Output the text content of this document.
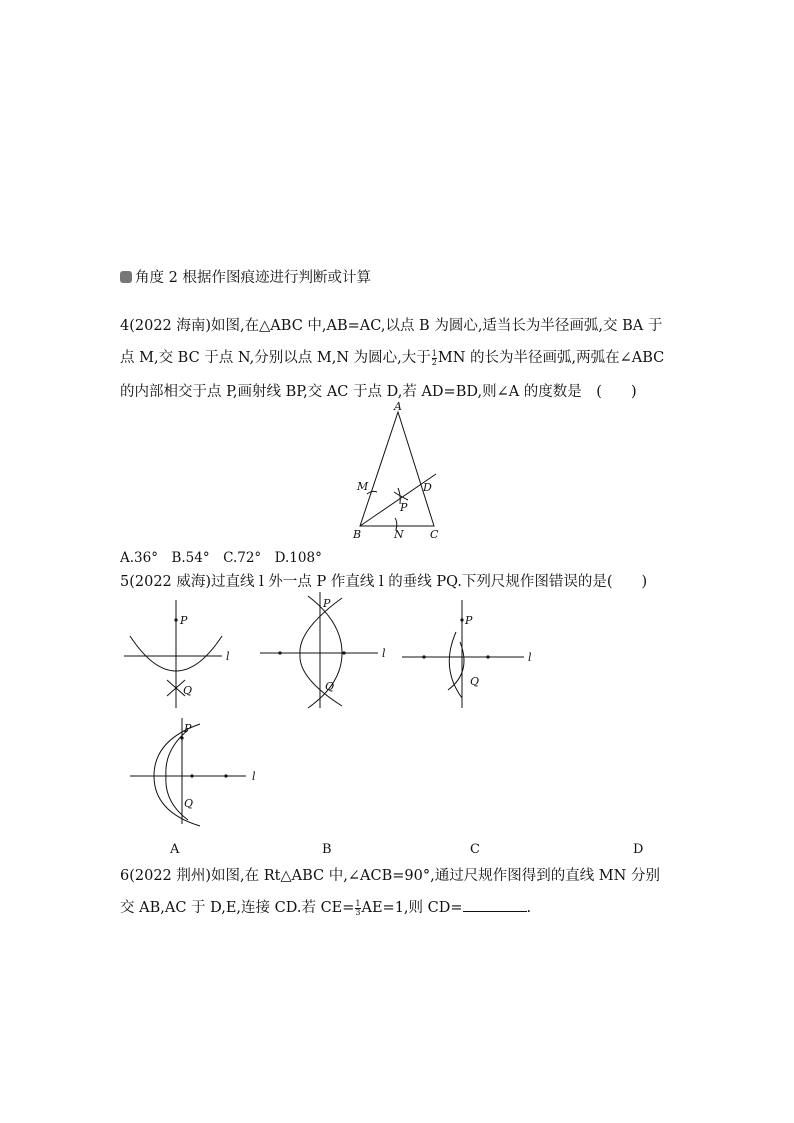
角度 2 根据作图痕迹进行判断或计算
4(2022 海南)如图,在△ABC 中,AB=AC,以点 B 为圆心,适当长为半径画弧,交 BA 于
点 M,交 BC 于点 N,分别以点 M,N 为圆心,大于 $\frac{1}{2}$ MN 的长为半径画弧,两弧在∠ABC
的内部相交于点 P,画射线 BP,交 AC 于点 D,若 AD=BD,则∠A 的度数是　(　　)
A
M	D
P
B	N C
A.36°　B.54°　C.72°　D.108°
5(2022 威海)过直线 l 外一点 P 作直线 l 的垂线 PQ.下列尺规作图错误的是(　　)
P
Q
l
P
Q
l
P
Q
l
P
Q
l
A	B	C	D
6(2022 荆州)如图,在 Rt△ABC 中,∠ACB=90°,通过尺规作图得到的直线 MN 分别
交 AB,AC 于 D,E,连接 CD.若 $CE= \frac{1}{3} AE=1$,则 CD=	.
